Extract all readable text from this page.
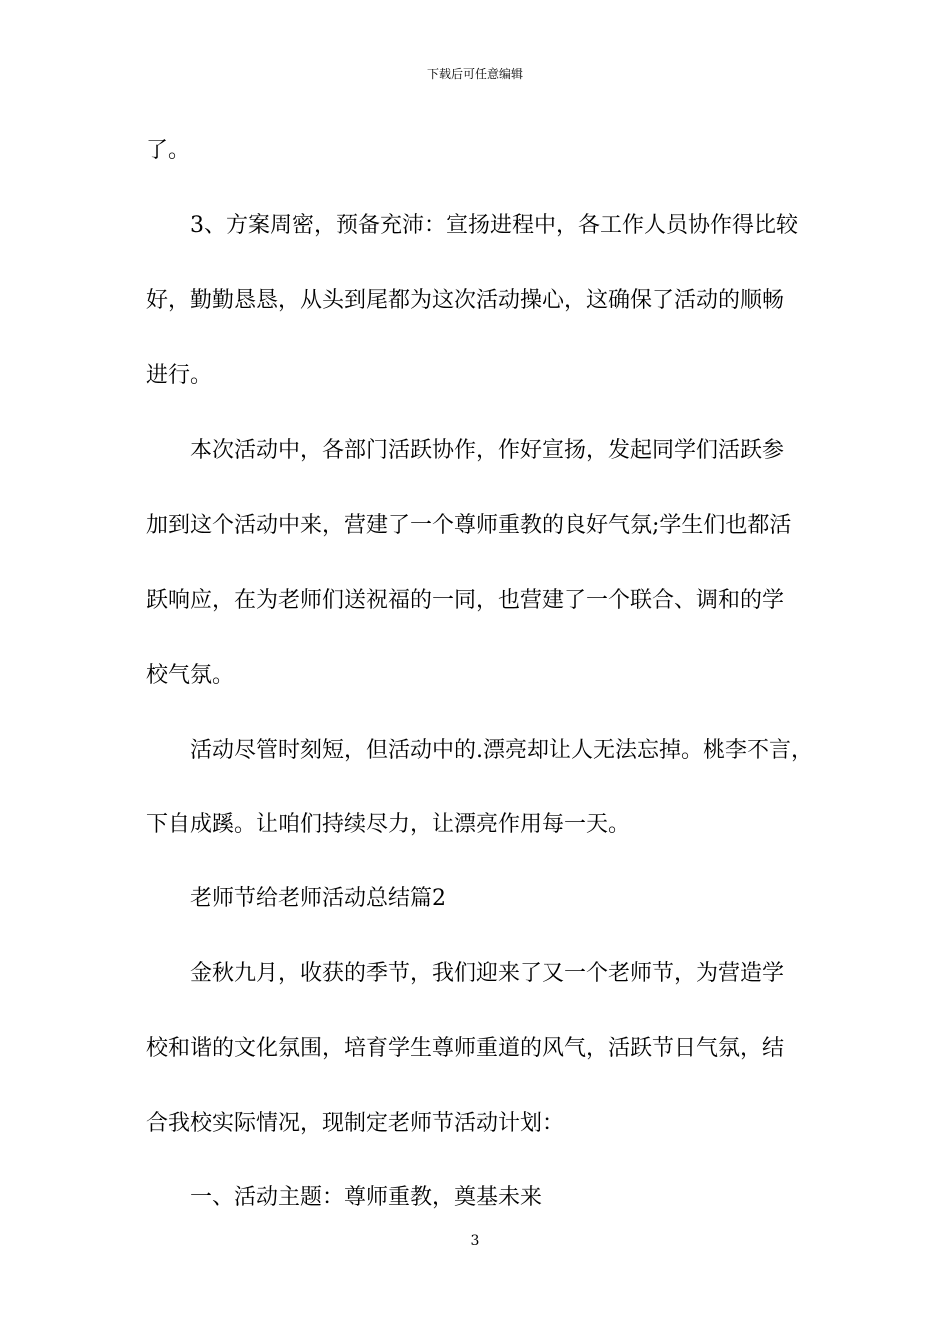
下载后可任意编辑
了。
3、方案周密，预备充沛：宣扬进程中，各工作人员协作得比较
好，勤勤恳恳，从头到尾都为这次活动操心，这确保了活动的顺畅
进行。
本次活动中，各部门活跃协作，作好宣扬，发起同学们活跃参
加到这个活动中来，营建了一个尊师重教的良好气氛;学生们也都活
跃响应，在为老师们送祝福的一同，也营建了一个联合、调和的学
校气氛。
活动尽管时刻短，但活动中的.漂亮却让人无法忘掉。桃李不言，
下自成蹊。让咱们持续尽力，让漂亮作用每一天。
老师节给老师活动总结篇2
金秋九月，收获的季节，我们迎来了又一个老师节，为营造学
校和谐的文化氛围，培育学生尊师重道的风气，活跃节日气氛，结
合我校实际情况，现制定老师节活动计划：
一、活动主题：尊师重教，奠基未来
3
